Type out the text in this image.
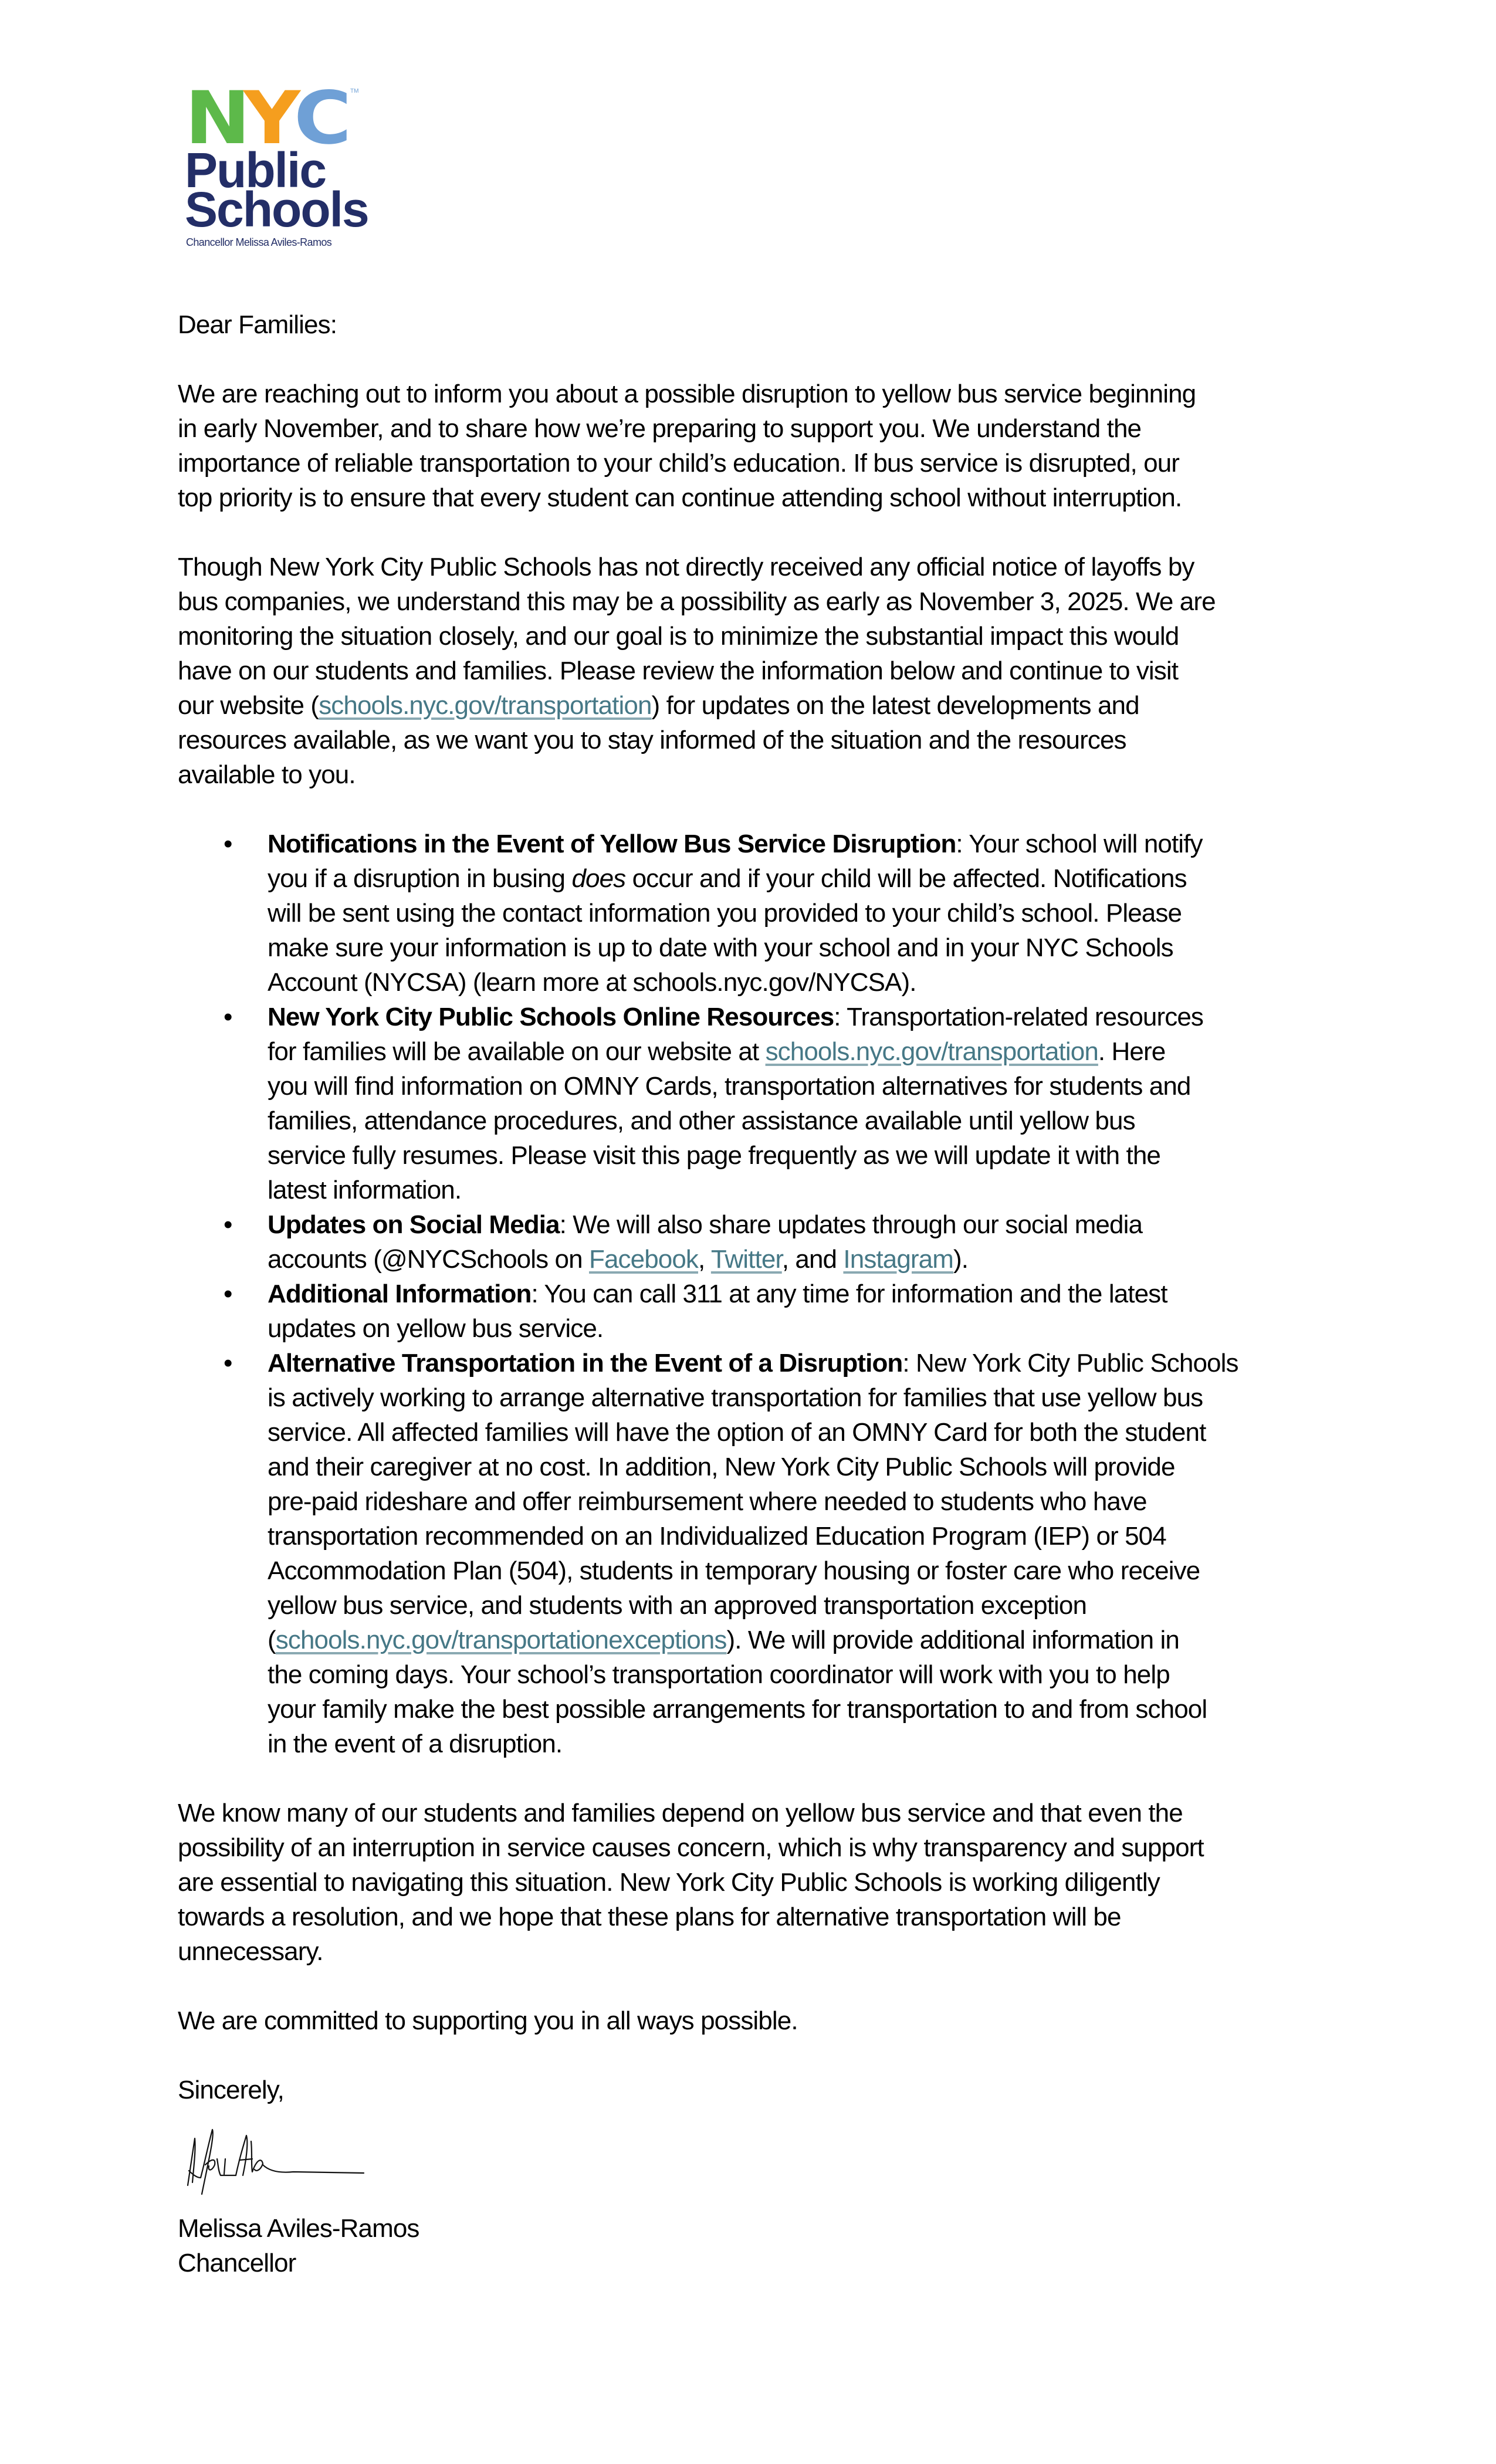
N
Y
C TM
Public
Schools
Chancellor Melissa Aviles-Ramos
Dear Families:
We are reaching out to inform you about a possible disruption to yellow bus service beginning
in early November, and to share how we’re preparing to support you. We understand the
importance of reliable transportation to your child’s education. If bus service is disrupted, our
top priority is to ensure that every student can continue attending school without interruption.
Though New York City Public Schools has not directly received any official notice of layoffs by
bus companies, we understand this may be a possibility as early as November 3, 2025. We are
monitoring the situation closely, and our goal is to minimize the substantial impact this would
have on our students and families. Please review the information below and continue to visit
our website (schools.nyc.gov/transportation) for updates on the latest developments and
resources available, as we want you to stay informed of the situation and the resources
available to you.
• Notifications in the Event of Yellow Bus Service Disruption: Your school will notify
you if a disruption in busing does occur and if your child will be affected. Notifications
will be sent using the contact information you provided to your child’s school. Please
make sure your information is up to date with your school and in your NYC Schools
Account (NYCSA) (learn more at schools.nyc.gov/NYCSA).
• New York City Public Schools Online Resources: Transportation-related resources
for families will be available on our website at schools.nyc.gov/transportation. Here
you will find information on OMNY Cards, transportation alternatives for students and
families, attendance procedures, and other assistance available until yellow bus
service fully resumes. Please visit this page frequently as we will update it with the
latest information.
• Updates on Social Media: We will also share updates through our social media
accounts (@NYCSchools on Facebook, Twitter, and Instagram).
• Additional Information: You can call 311 at any time for information and the latest
updates on yellow bus service.
• Alternative Transportation in the Event of a Disruption: New York City Public Schools
is actively working to arrange alternative transportation for families that use yellow bus
service. All affected families will have the option of an OMNY Card for both the student
and their caregiver at no cost. In addition, New York City Public Schools will provide
pre-paid rideshare and offer reimbursement where needed to students who have
transportation recommended on an Individualized Education Program (IEP) or 504
Accommodation Plan (504), students in temporary housing or foster care who receive
yellow bus service, and students with an approved transportation exception
(schools.nyc.gov/transportationexceptions). We will provide additional information in
the coming days. Your school’s transportation coordinator will work with you to help
your family make the best possible arrangements for transportation to and from school
in the event of a disruption.
We know many of our students and families depend on yellow bus service and that even the
possibility of an interruption in service causes concern, which is why transparency and support
are essential to navigating this situation. New York City Public Schools is working diligently
towards a resolution, and we hope that these plans for alternative transportation will be
unnecessary.
We are committed to supporting you in all ways possible.
Sincerely,
Melissa Aviles-Ramos
Chancellor
